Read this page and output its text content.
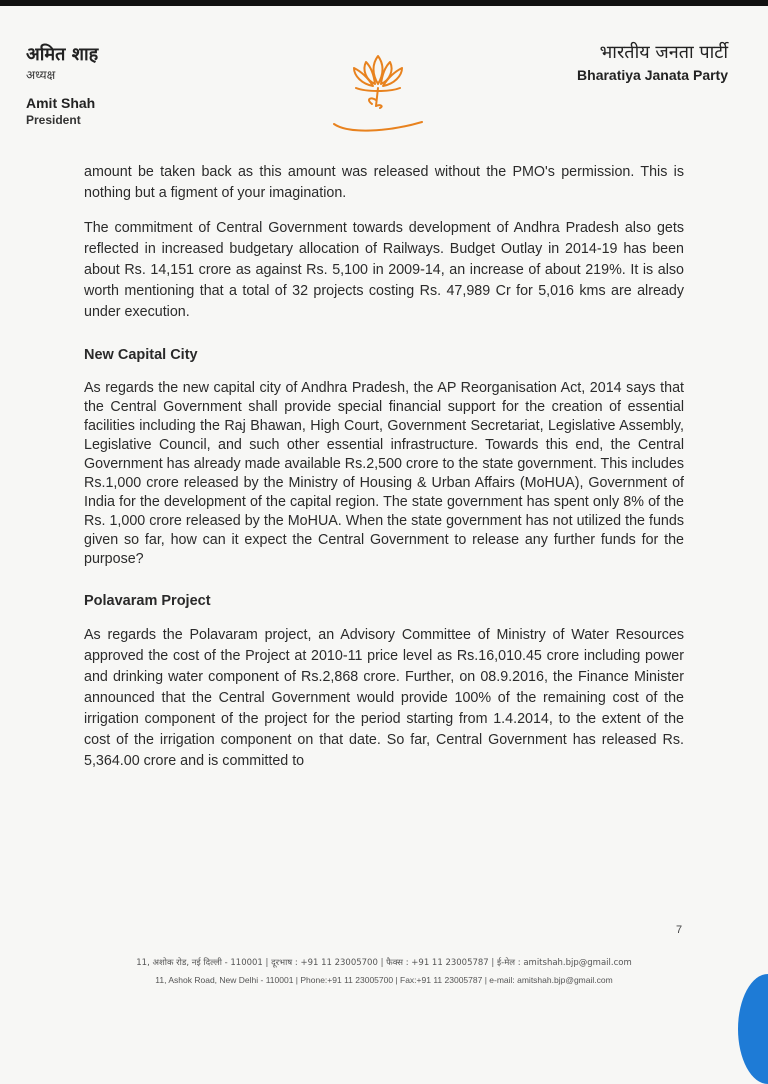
अमित शाह
अध्यक्ष
Amit Shah
President
भारतीय जनता पार्टी
Bharatiya Janata Party

amount be taken back as this amount was released without the PMO's permission. This is nothing but a figment of your imagination.

The commitment of Central Government towards development of Andhra Pradesh also gets reflected in increased budgetary allocation of Railways. Budget Outlay in 2014-19 has been about Rs. 14,151 crore as against Rs. 5,100 in 2009-14, an increase of about 219%. It is also worth mentioning that a total of 32 projects costing Rs. 47,989 Cr for 5,016 kms are already under execution.

New Capital City

As regards the new capital city of Andhra Pradesh, the AP Reorganisation Act, 2014 says that the Central Government shall provide special financial support for the creation of essential facilities including the Raj Bhawan, High Court, Government Secretariat, Legislative Assembly, Legislative Council, and such other essential infrastructure. Towards this end, the Central Government has already made available Rs.2,500 crore to the state government. This includes Rs.1,000 crore released by the Ministry of Housing & Urban Affairs (MoHUA), Government of India for the development of the capital region. The state government has spent only 8% of the Rs. 1,000 crore released by the MoHUA. When the state government has not utilized the funds given so far, how can it expect the Central Government to release any further funds for the purpose?

Polavaram Project

As regards the Polavaram project, an Advisory Committee of Ministry of Water Resources approved the cost of the Project at 2010-11 price level as Rs.16,010.45 crore including power and drinking water component of Rs.2,868 crore. Further, on 08.9.2016, the Finance Minister announced that the Central Government would provide 100% of the remaining cost of the irrigation component of the project for the period starting from 1.4.2014, to the extent of the cost of the irrigation component on that date. So far, Central Government has released Rs. 5,364.00 crore and is committed to

7
11, अशोक रोड, नई दिल्ली - 110001 | दूरभाष : +91 11 23005700 | फैक्स : +91 11 23005787 | ई-मेल : amitshah.bjp@gmail.com
11, Ashok Road, New Delhi - 110001 | Phone:+91 11 23005700 | Fax:+91 11 23005787 | e-mail: amitshah.bjp@gmail.com
